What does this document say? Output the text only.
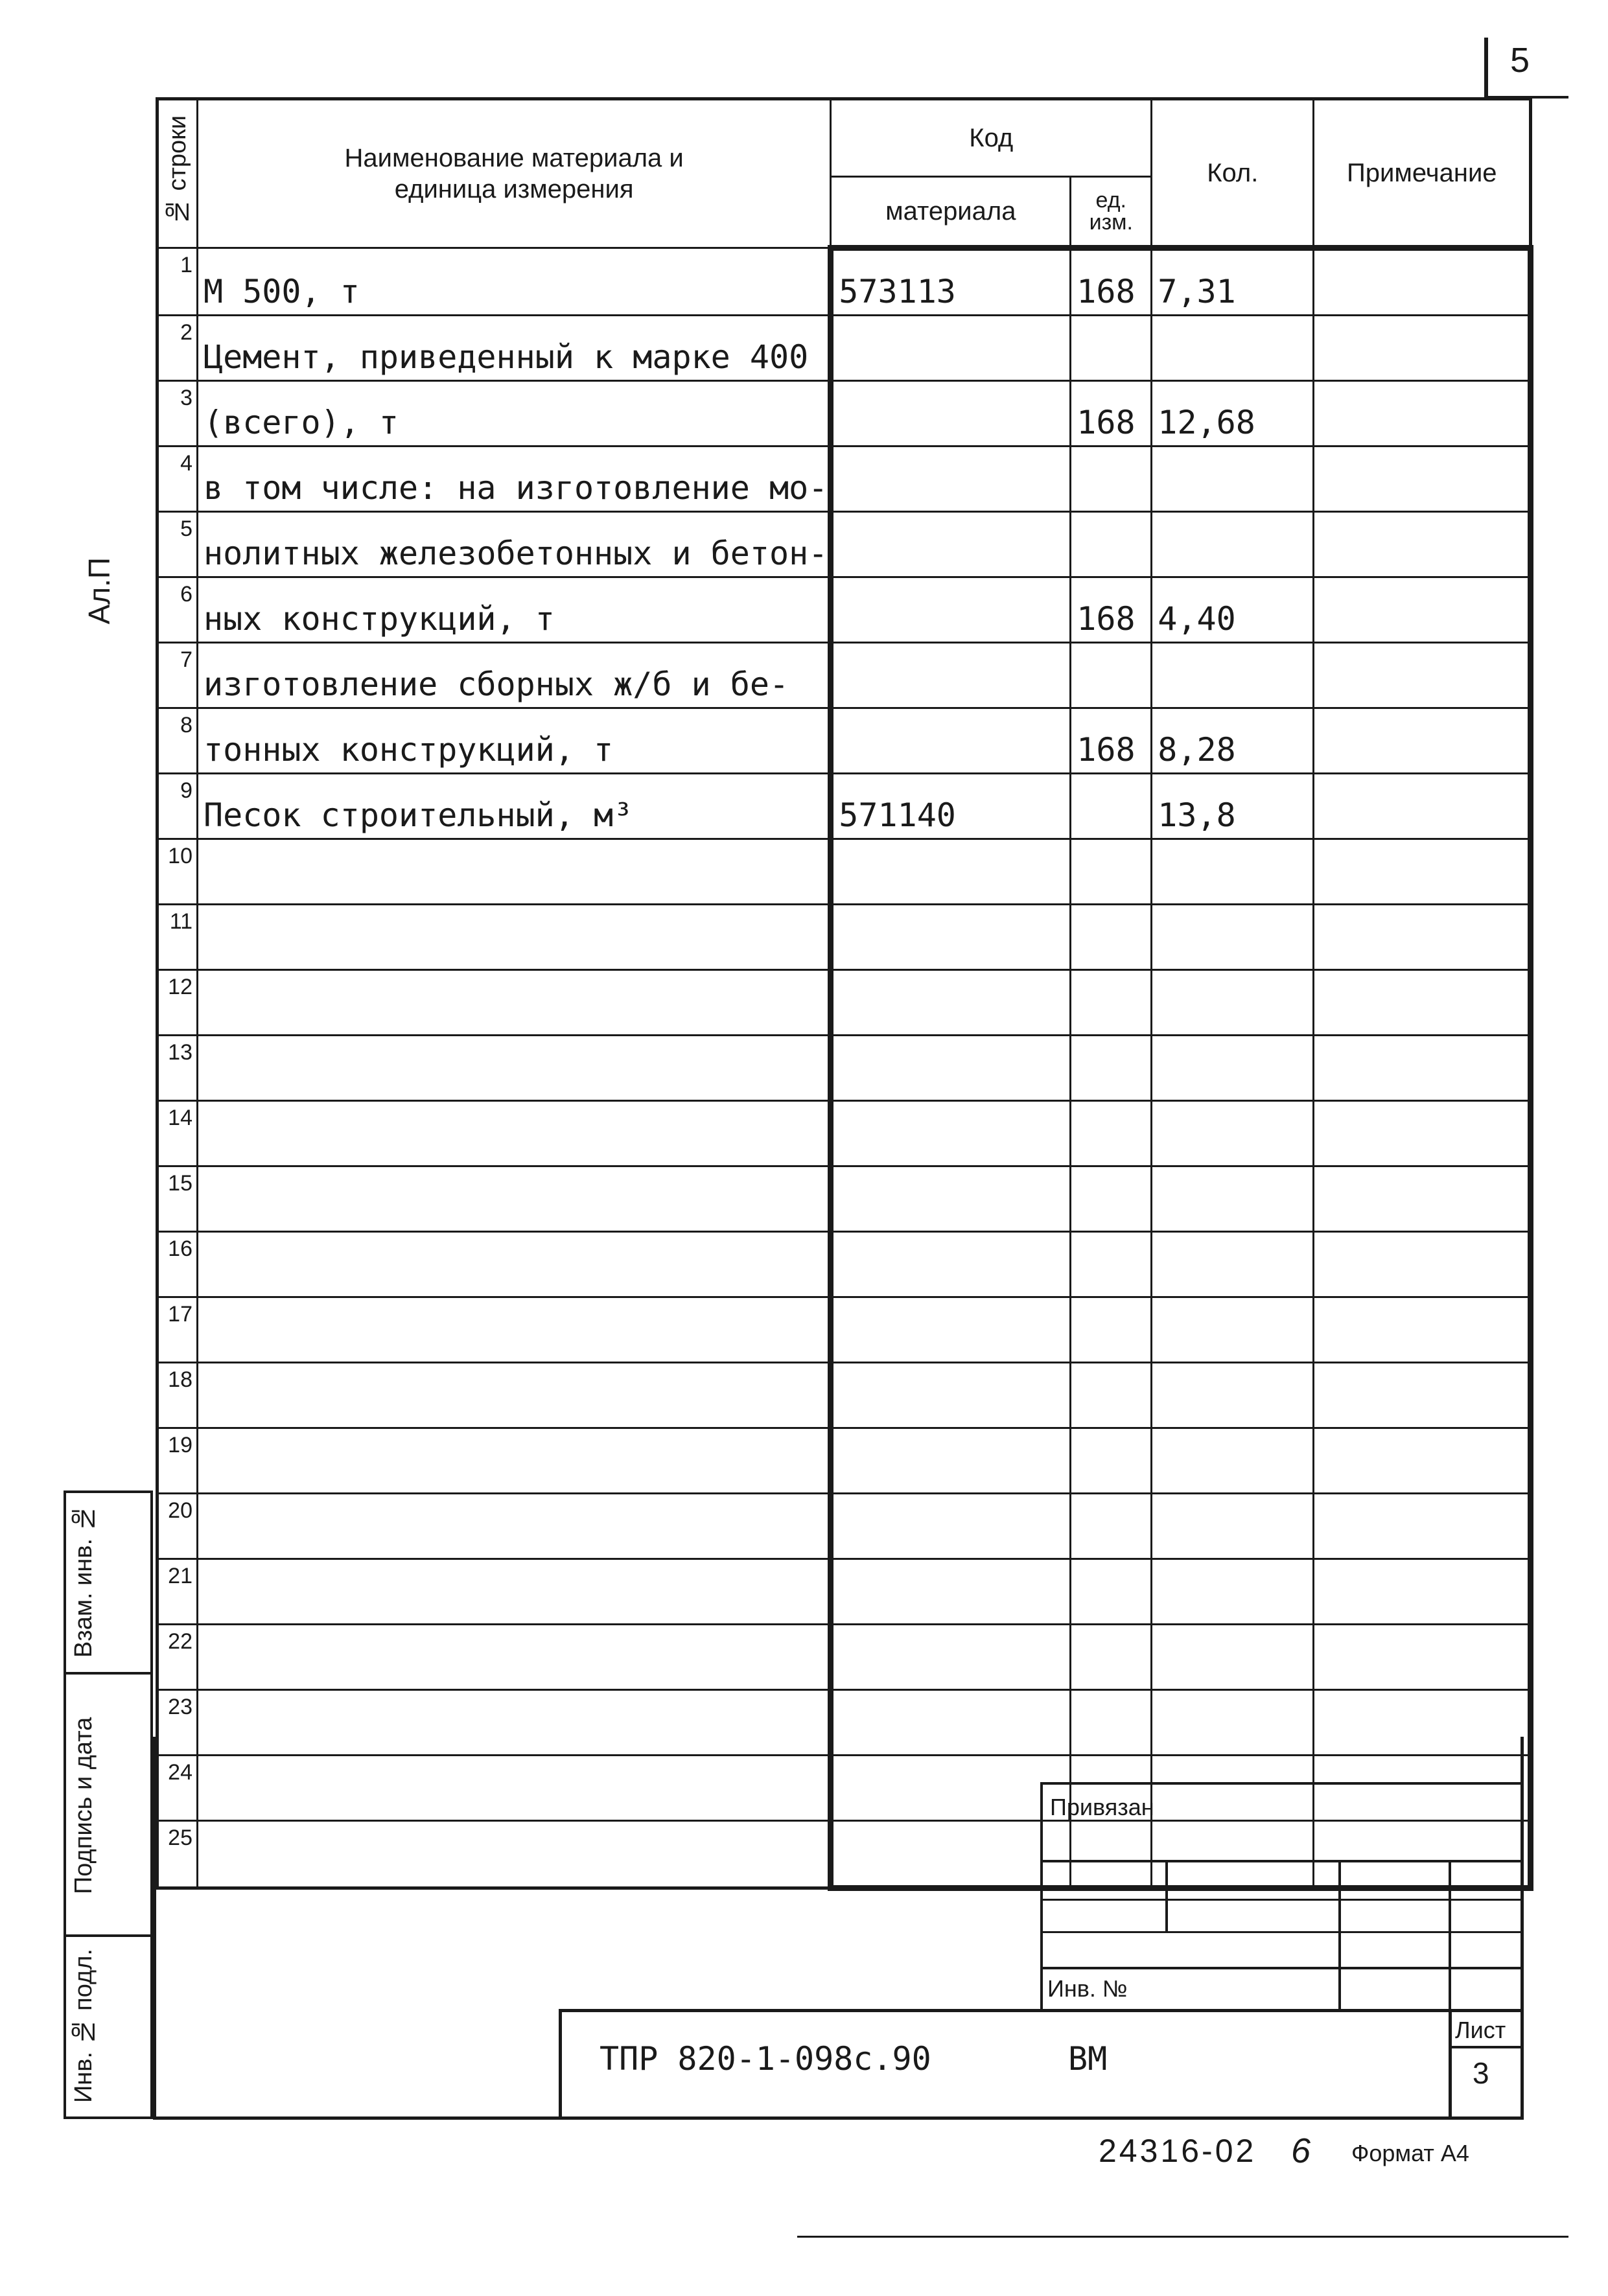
5
Ал.П
№ строки	Наименование материала и единица измерения	Код		Кол.	Примечание
		материала	ед. изм.		
1	М 500, т	573113	168	7,31	
2	Цемент, приведенный к марке 400				
3	(всего), т		168	12,68	
4	в том числе: на изготовление мо-				
5	нолитных железобетонных и бетон-				
6	ных конструкций, т		168	4,40	
7	изготовление сборных ж/б и бе-				
8	тонных конструкций, т		168	8,28	
9	Песок строительный, м³	571140		13,8	
10					
11					
12					
13					
14					
15					
16					
17					
18					
19					
20					
21					
22					
23					
24					
25					
Взам. инв. №
Подпись и дата
Инв. № подл.
Привязан
Инв. №
ТПР 820-1-098с.90	ВМ
Лист
3
24316-02 6 Формат А4
